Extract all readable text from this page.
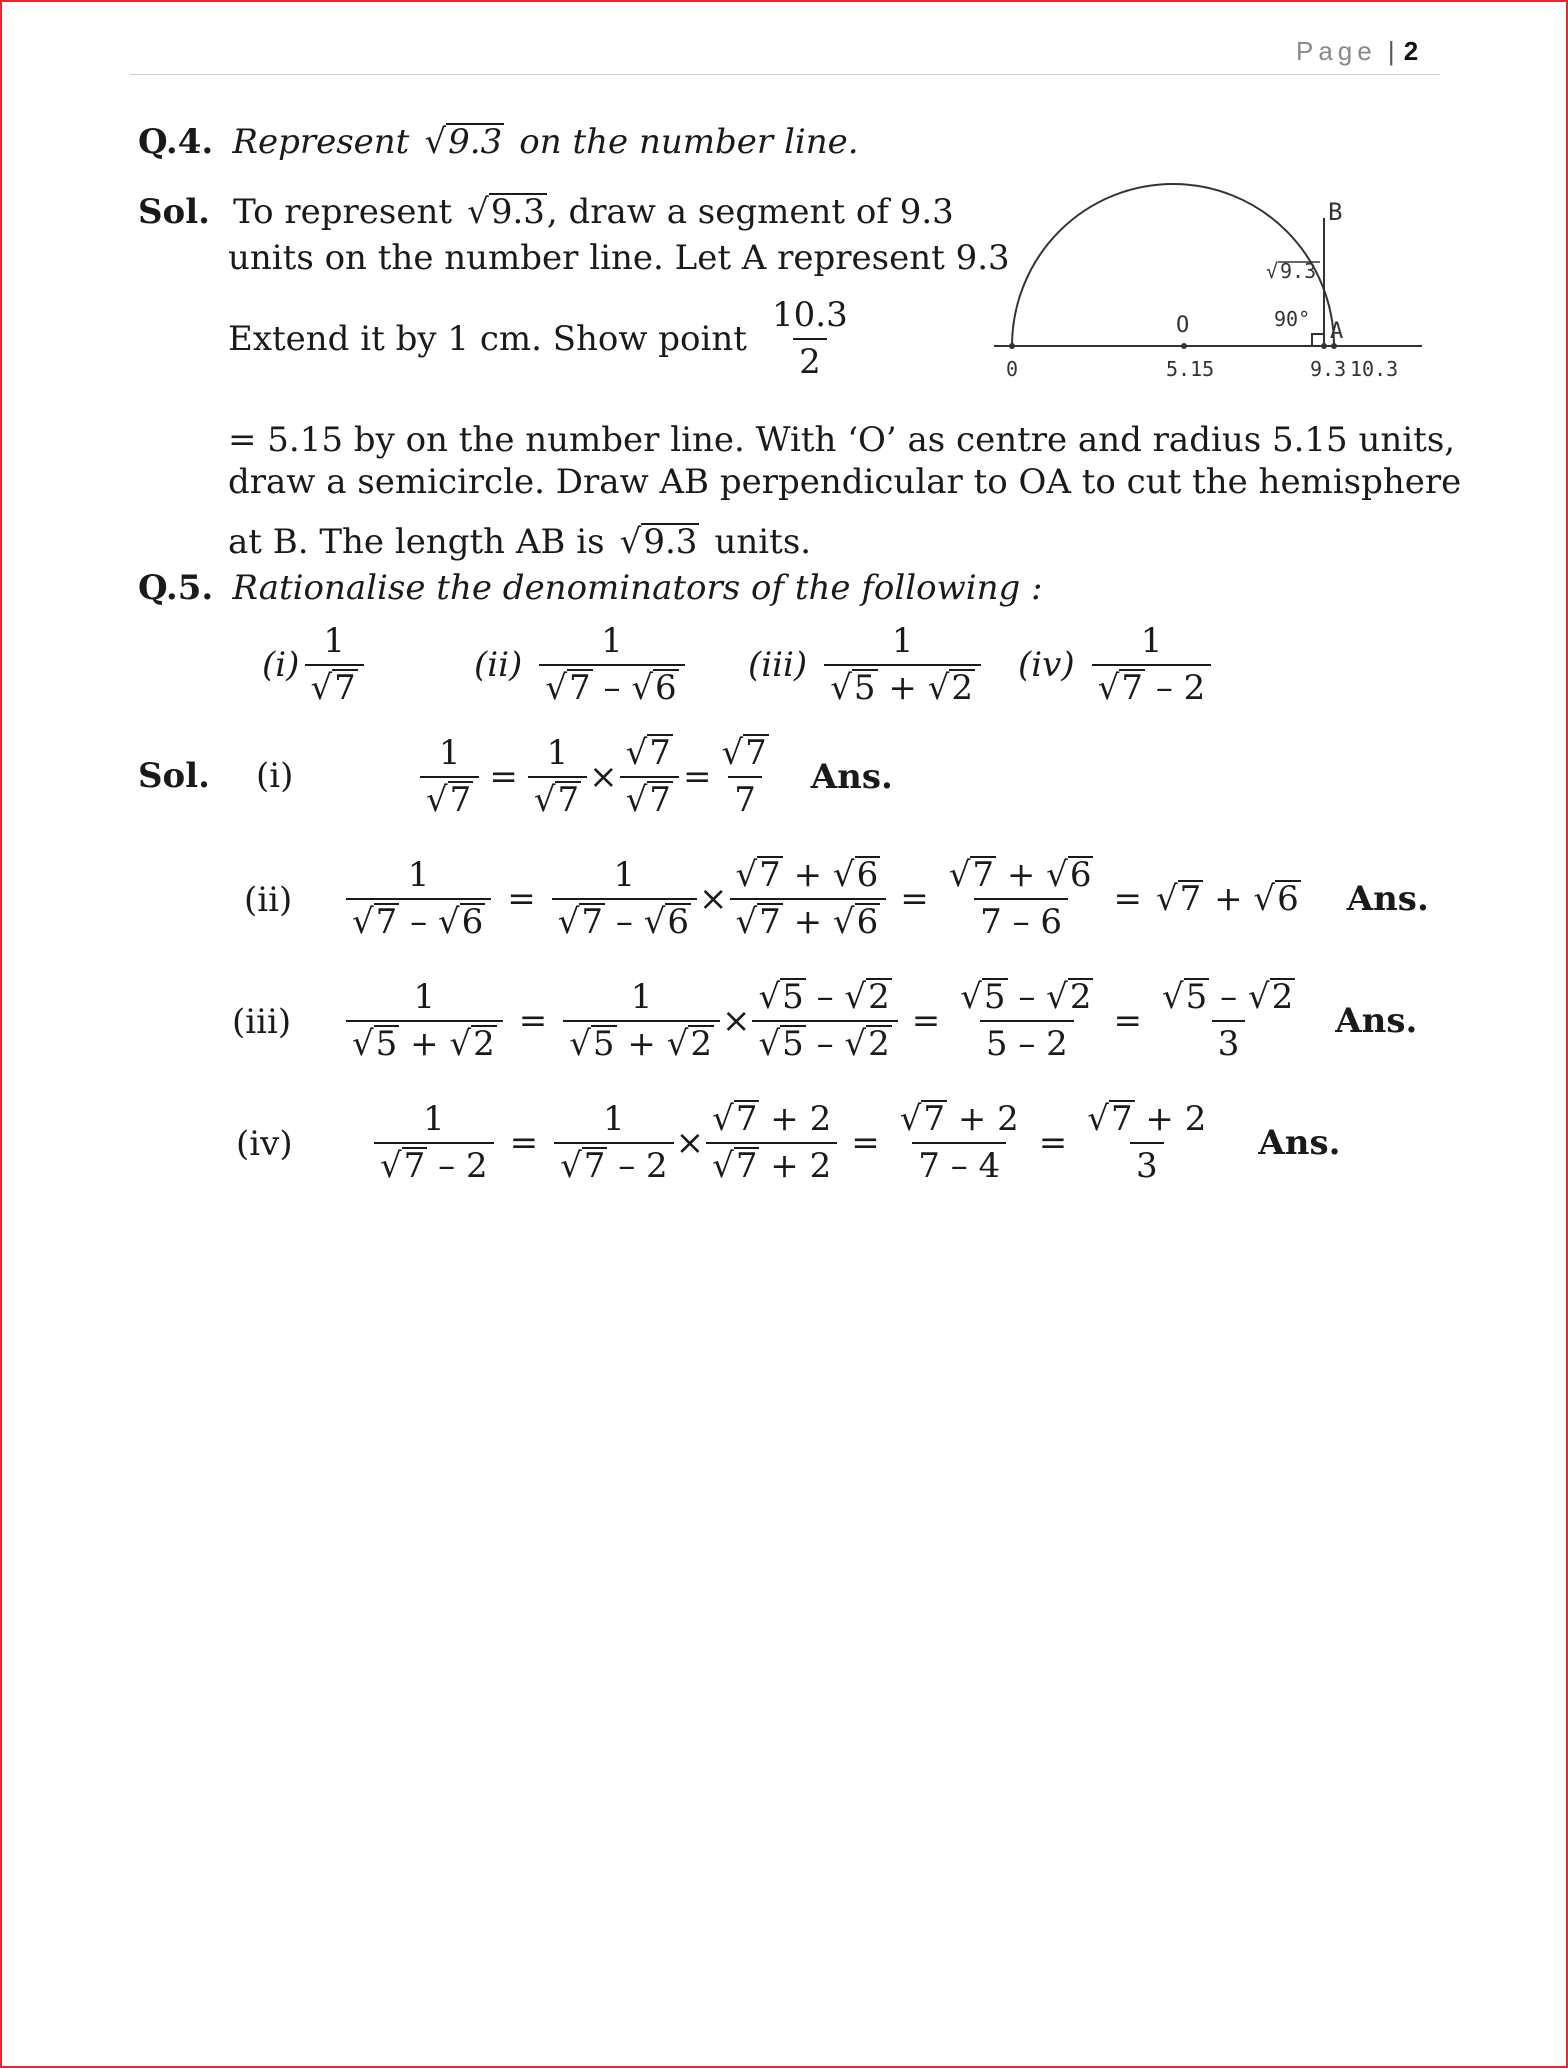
Page | 2
Q.4. Represent √9.3 on the number line.
Sol. To represent √9.3, draw a segment of 9.3
units on the number line. Let A represent 9.3
Extend it by 1 cm. Show point $\frac{10.3}{2}$
= 5.15 by on the number line. With ‘O’ as centre and radius 5.15 units,
draw a semicircle. Draw AB perpendicular to OA to cut the hemisphere
at B. The length AB is √9.3 units.
B
√ 9.3
90° A
O
0	5.15	9.3 10.3
Q.5. Rationalise the denominators of the following :
$(i) \frac{1}{√7}$	$(ii) \frac{1}{√7 - √6} (iii) \frac{1}{√5 + √2} (iv) \frac{1}{√7 - 2}$
Sol. (i)	$\frac{1}{√7} = \frac{1}{√7} \times \frac{√7}{√7} = \frac{√7}{7}$ Ans.
$(ii) \frac{1}{√7 - √6} = \frac{1}{√7 - √6} \times \frac{√7 + √6}{√7 + √6} = \frac{√7 + √6}{7 - 6} = √7 + √6$ Ans.
$(iii) \frac{1}{√5 + √2} = \frac{1}{√5 + √2} \times \frac{√5 - √2}{√5 - √2} = \frac{√5 - √2}{5 - 2} = \frac{√5 - √2}{3}$ Ans.
$(iv) \frac{1}{√7 - 2} = \frac{1}{√7 - 2} \times \frac{√7 + 2}{√7 + 2} = \frac{√7 + 2}{7 - 4} = \frac{√7 + 2}{3}$ Ans.
